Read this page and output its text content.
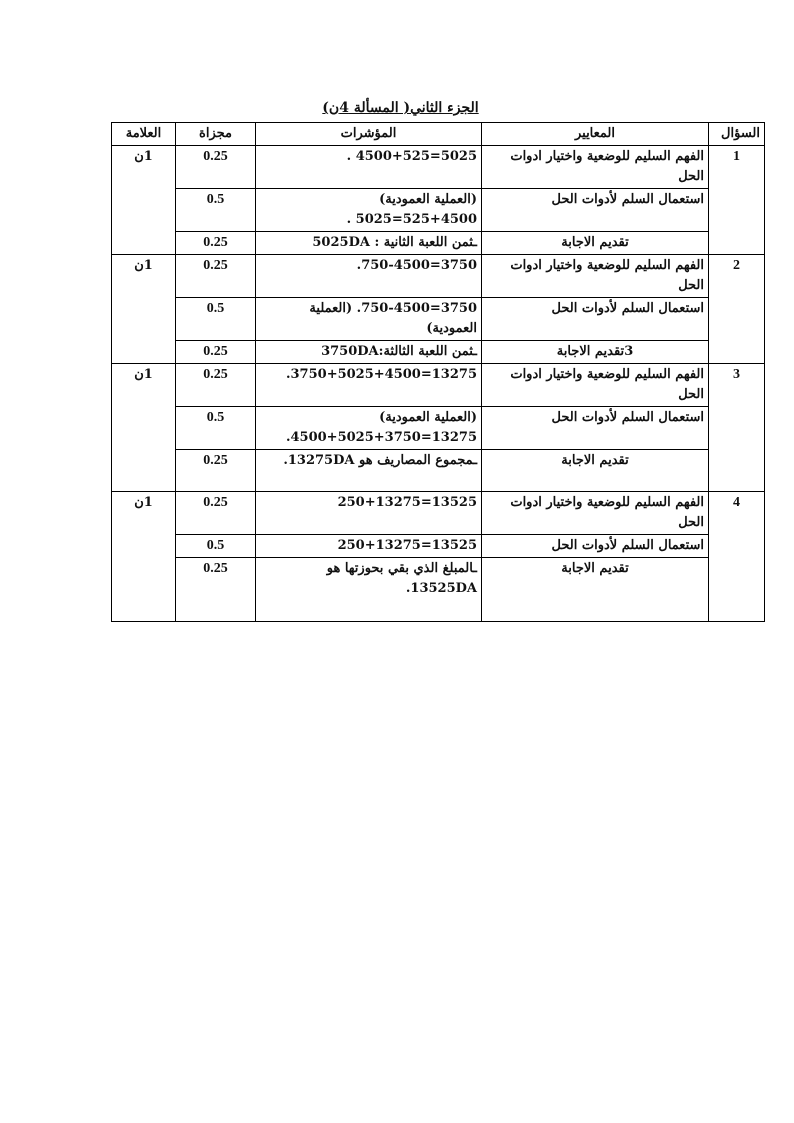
الجزء الثاني( المسألة 4ن)
السؤال	المعايير	المؤشرات	مجزاة	العلامة
1	الفهم السليم للوضعية واختيار ادوات الحل	5025=4500+525 .	0.25	1ن
	استعمال السلم لأدوات الحل	(العملية العمودية) 4500+525=5025 .	0.5	
	تقديم الاجابة	ـثمن اللعبة الثانية : 5025DA	0.25	
2	الفهم السليم للوضعية واختيار ادوات الحل	3750=750-4500.	0.25	1ن
	استعمال السلم لأدوات الحل	3750=750-4500. (العملية العمودية)	0.5	
	3تقديم الاجابة	ـثمن اللعبة الثالثة:3750DA	0.25	
3	الفهم السليم للوضعية واختيار ادوات الحل	13275=3750+5025+4500.	0.25	1ن
	استعمال السلم لأدوات الحل	(العملية العمودية) 13275=3750+5025+4500.	0.5	
	تقديم الاجابة	ـمجموع المصاريف هو 13275DA.	0.25	
4	الفهم السليم للوضعية واختيار ادوات الحل	13525=250+13275	0.25	1ن
	استعمال السلم لأدوات الحل	13525=250+13275	0.5	
	تقديم الاجابة	ـالمبلغ الذي بقي بحوزتها هو 13525DA.	0.25	
